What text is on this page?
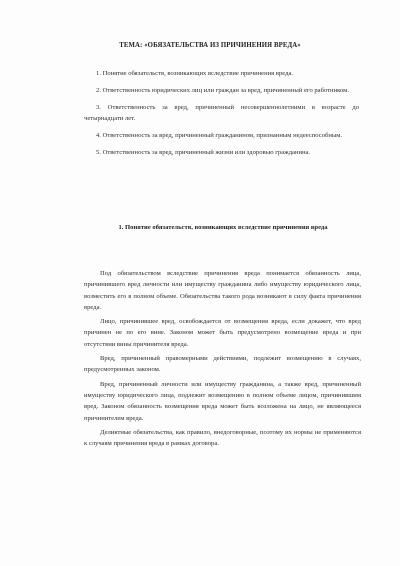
ТЕМА: «ОБЯЗАТЕЛЬСТВА ИЗ ПРИЧИНЕНИЯ ВРЕДА»

1. Понятие обязательств, возникающих вследствие причинения вреда.

2. Ответственность юридических лиц или граждан за вред, причиненный его работником.

3. Ответственность за вред, причиненный несовершеннолетними в возрасте до четырнадцати лет.

4. Ответственность за вред, причиненный гражданином, признанным недееспособным.

5. Ответственность за вред, причиненный жизни или здоровью гражданина.

1. Понятие обязательств, возникающих вследствие причинения вреда

Под обязательством вследствие причинения вреда понимается обязанность лица, причинившего вред личности или имуществу гражданина либо имуществу юридического лица, возместить его в полном объеме. Обязательства такого рода возникают в силу факта причинения вреда.

Лицо, причинившее вред, освобождается от возмещения вреда, если докажет, что вред причинен не по его вине. Законом может быть предусмотрено возмещение вреда и при отсутствии вины причинителя вреда.

Вред, причиненный правомерными действиями, подлежит возмещению в случаях, предусмотренных законом.

Вред, причиненный личности или имуществу гражданина, а также вред, причиненный имуществу юридического лица, подлежит возмещению в полном объеме лицом, причинившим вред. Законом обязанность возмещения вреда может быть возложена на лицо, не являющееся причинителем вреда.

Деликтные обязательства, как правило, внедоговорные, поэтому их нормы не применяются к случаям причинения вреда в рамках договора.
